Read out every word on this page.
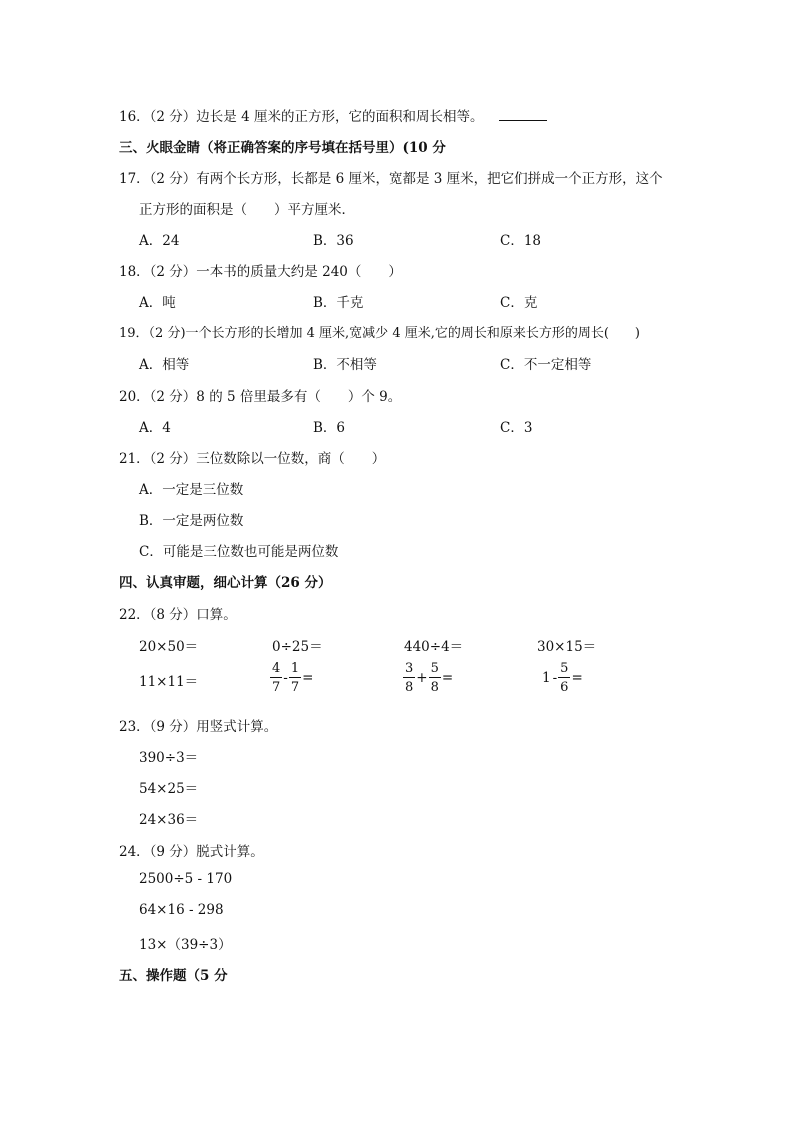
16．（2 分）边长是 4 厘米的正方形，它的面积和周长相等。
三、火眼金睛（将正确答案的序号填在括号里）(10 分
17．（2 分）有两个长方形，长都是 6 厘米，宽都是 3 厘米，把它们拼成一个正方形，这个
正方形的面积是（　　）平方厘米．
A．24	B．36	C．18
18．（2 分）一本书的质量大约是 240（　　）
A．吨	B．千克	C．克
19．（2 分)一个长方形的长增加 4 厘米,宽减少 4 厘米,它的周长和原来长方形的周长(　　)
A．相等	B．不相等	C．不一定相等
20．（2 分）8 的 5 倍里最多有（　　）个 9。
A．4	B．6	C．3
21．（2 分）三位数除以一位数，商（　　）
A．一定是三位数
B．一定是两位数
C．可能是三位数也可能是两位数
四、认真审题，细心计算（26 分）
22．（8 分）口算。
20×50＝	0÷25＝	440÷4＝	30×15＝
11×11＝	$\frac{4}{7} - \frac{1}{7}$ =	$\frac{3}{8} + \frac{5}{8}$ =	$1 - \frac{5}{6}$ =
23．（9 分）用竖式计算。
390÷3＝
54×25＝
24×36＝
24．（9 分）脱式计算。
2500÷5 - 170
64×16 - 298
13×（39÷3）
五、操作题（5 分
